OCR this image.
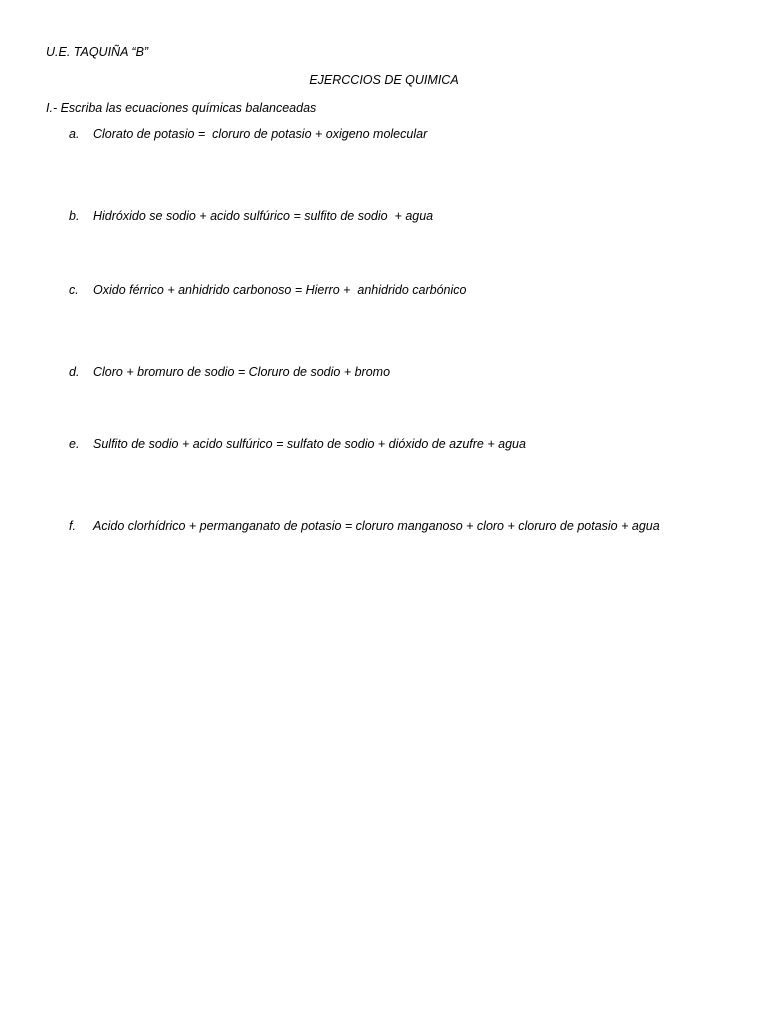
U.E. TAQUIÑA “B”
EJERCCIOS DE QUIMICA
I.- Escriba las ecuaciones químicas balanceadas
a. Clorato de potasio =  cloruro de potasio + oxigeno molecular
b. Hidróxido se sodio + acido sulfúrico = sulfito de sodio  + agua
c. Oxido férrico + anhidrido carbonoso = Hierro +  anhidrido carbónico
d. Cloro + bromuro de sodio = Cloruro de sodio + bromo
e. Sulfito de sodio + acido sulfúrico = sulfato de sodio + dióxido de azufre + agua
f. Acido clorhídrico + permanganato de potasio = cloruro manganoso + cloro + cloruro de potasio + agua
